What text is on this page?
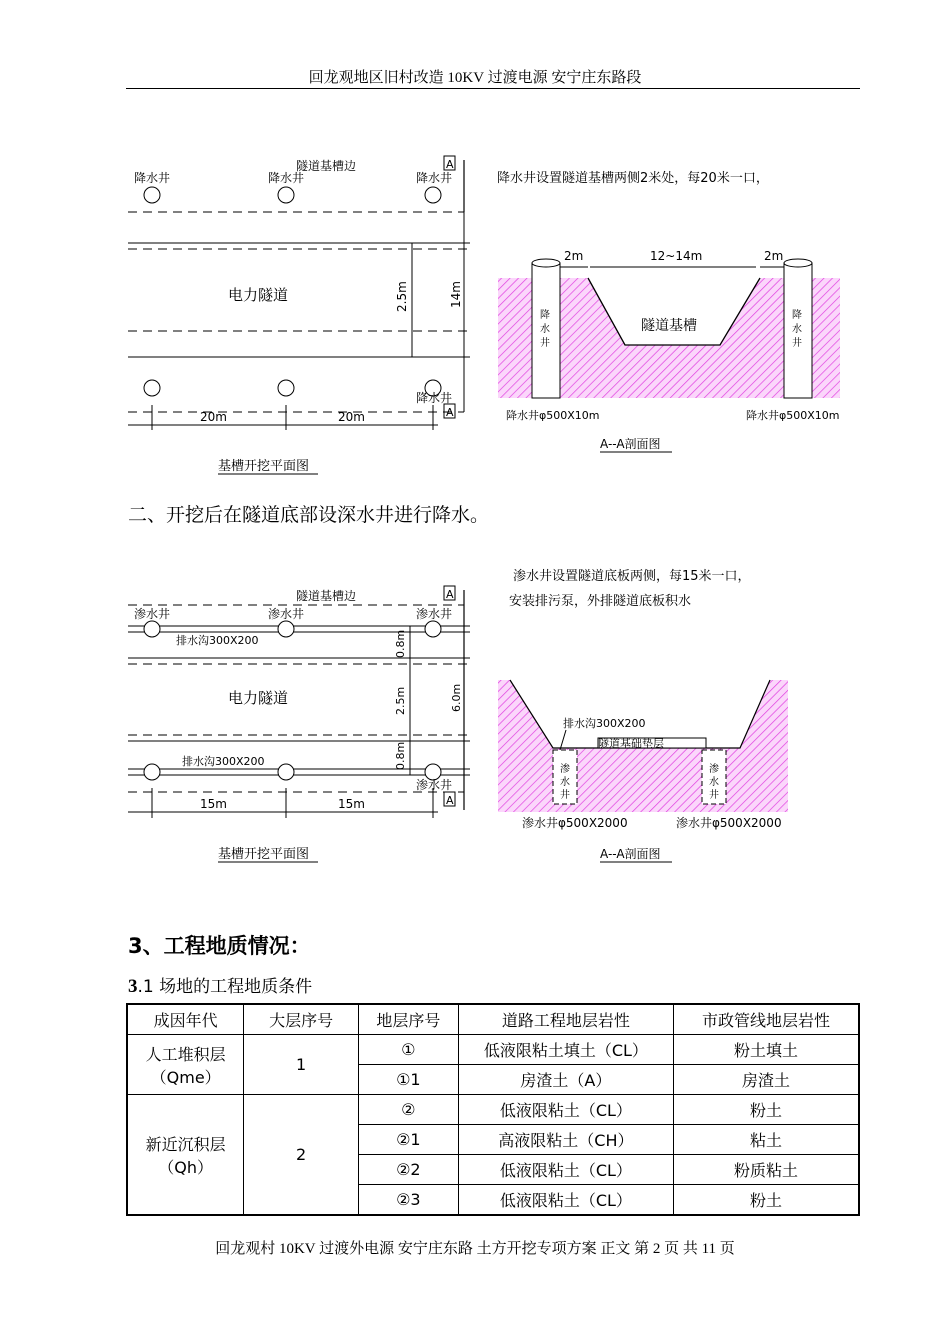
回龙观地区旧村改造 10KV 过渡电源 安宁庄东路段
隧道基槽边
降水井	降水井	降水井
A
电力隧道	2.5m	14m
降水井
A
20m	20m
基槽开挖平面图
降水井设置隧道基槽两侧2米处，每20米一口，
降
水
井
降
水
井
隧道基槽
2m	12~14m	2m
降水井φ500X10m	降水井φ500X10m
A--A剖面图
二、开挖后在隧道底部设深水井进行降水。
隧道基槽边	A
渗水井	渗水井	渗水井
排水沟300X200
电力隧道
0.8m
2.5m
0.8m
6.0m
排水沟300X200
渗水井
A
15m	15m
基槽开挖平面图
渗水井设置隧道底板两侧，每15米一口，
安装排污泵，外排隧道底板积水
隧道基础垫层
排水沟300X200
渗
水
井
渗
水
井
渗水井φ500X2000	渗水井φ500X2000
A--A剖面图
3、工程地质情况：
3.1 场地的工程地质条件
成因年代	大层序号	地层序号	道路工程地层岩性	市政管线地层岩性
人工堆积层
（Qme）	1	①	低液限粘土填土（CL）	粉土填土
		①1	房渣土（A）	房渣土
新近沉积层
（Qh）	2	②	低液限粘土（CL）	粉土
		②1	高液限粘土（CH）	粘土
		②2	低液限粘土（CL）	粉质粘土
		②3	低液限粘土（CL）	粉土
回龙观村 10KV 过渡外电源 安宁庄东路 土方开挖专项方案 正文 第 2 页 共 11 页
